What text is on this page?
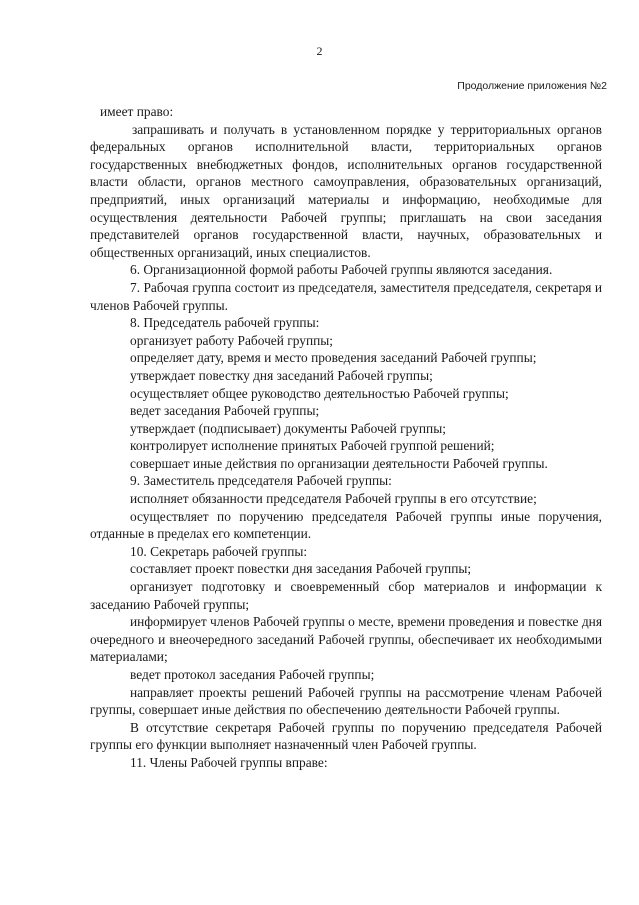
2
Продолжение приложения №2

имеет право:

запрашивать и получать в установленном порядке у территориальных органов федеральных органов исполнительной власти, территориальных органов государственных внебюджетных фондов, исполнительных органов государственной власти области, органов местного самоуправления, образовательных организаций, предприятий, иных организаций материалы и информацию, необходимые для осуществления деятельности Рабочей группы; приглашать на свои заседания представителей органов государственной власти, научных, образовательных и общественных организаций, иных специалистов.

6. Организационной формой работы Рабочей группы являются заседания.

7. Рабочая группа состоит из председателя, заместителя председателя, секретаря и членов Рабочей группы.

8. Председатель рабочей группы:

организует работу Рабочей группы;

определяет дату, время и место проведения заседаний Рабочей группы;

утверждает повестку дня заседаний Рабочей группы;

осуществляет общее руководство деятельностью Рабочей группы;

ведет заседания Рабочей группы;

утверждает (подписывает) документы Рабочей группы;

контролирует исполнение принятых Рабочей группой решений;

совершает иные действия по организации деятельности Рабочей группы.

9. Заместитель председателя Рабочей группы:

исполняет обязанности председателя Рабочей группы в его отсутствие;

осуществляет по поручению председателя Рабочей группы иные поручения, отданные в пределах его компетенции.

10. Секретарь рабочей группы:

составляет проект повестки дня заседания Рабочей группы;

организует подготовку и своевременный сбор материалов и информации к заседанию Рабочей группы;

информирует членов Рабочей группы о месте, времени проведения и повестке дня очередного и внеочередного заседаний Рабочей группы, обеспечивает их необходимыми материалами;

ведет протокол заседания Рабочей группы;

направляет проекты решений Рабочей группы на рассмотрение членам Рабочей группы, совершает иные действия по обеспечению деятельности Рабочей группы.

В отсутствие секретаря Рабочей группы по поручению председателя Рабочей группы его функции выполняет назначенный член Рабочей группы.

11. Члены Рабочей группы вправе:
